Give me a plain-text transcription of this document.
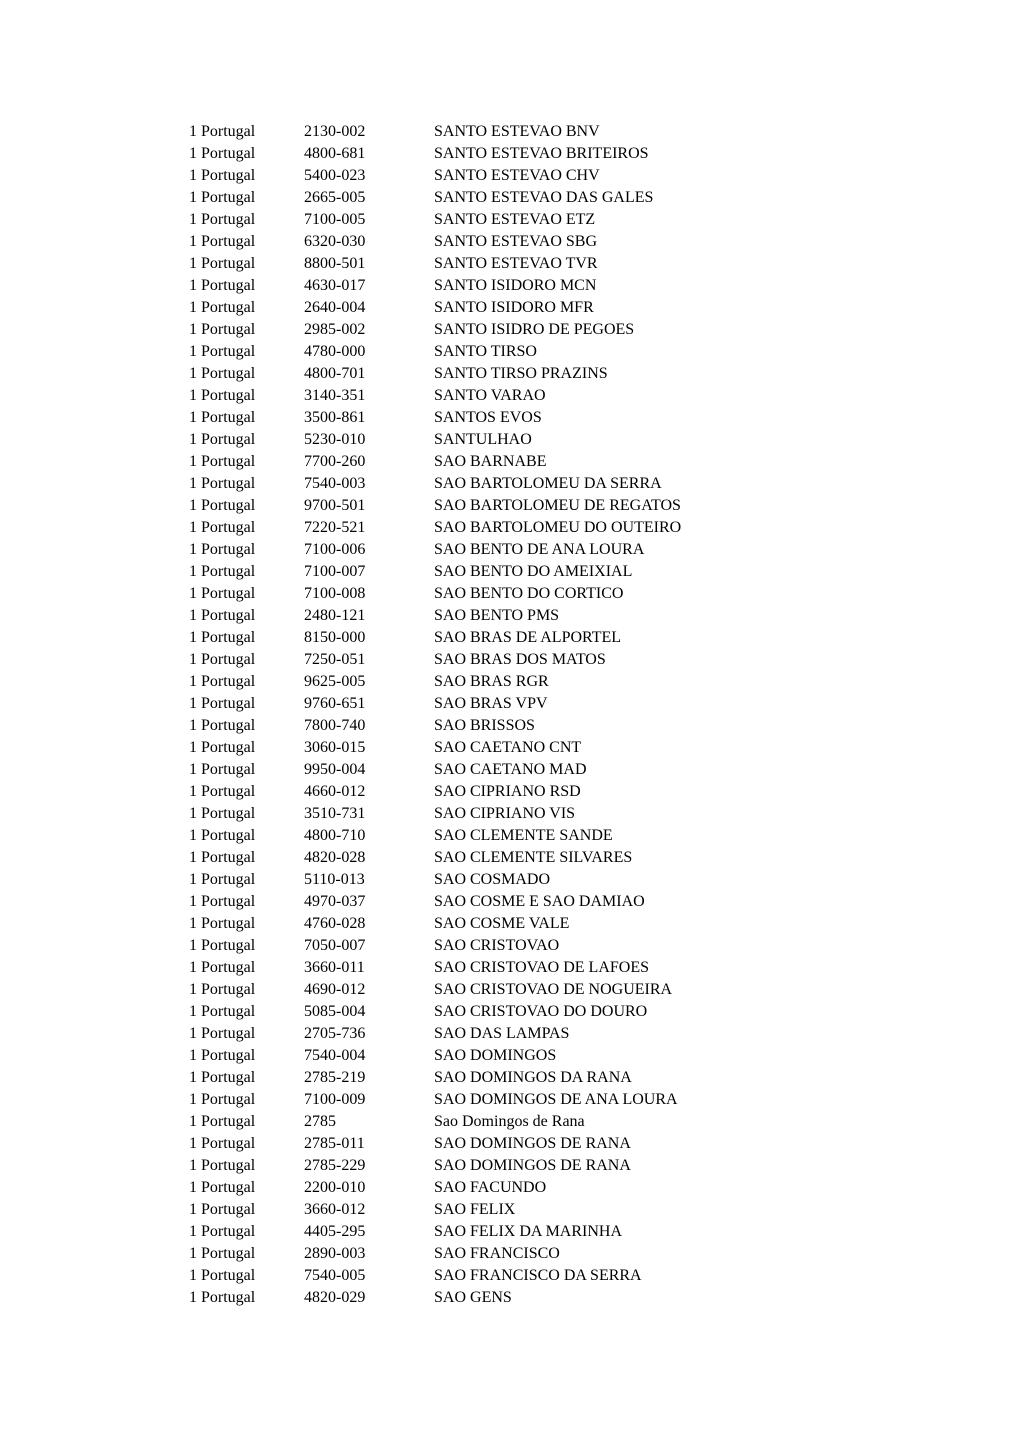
1 Portugal	2130-002	SANTO ESTEVAO BNV
1 Portugal	4800-681	SANTO ESTEVAO BRITEIROS
1 Portugal	5400-023	SANTO ESTEVAO CHV
1 Portugal	2665-005	SANTO ESTEVAO DAS GALES
1 Portugal	7100-005	SANTO ESTEVAO ETZ
1 Portugal	6320-030	SANTO ESTEVAO SBG
1 Portugal	8800-501	SANTO ESTEVAO TVR
1 Portugal	4630-017	SANTO ISIDORO MCN
1 Portugal	2640-004	SANTO ISIDORO MFR
1 Portugal	2985-002	SANTO ISIDRO DE PEGOES
1 Portugal	4780-000	SANTO TIRSO
1 Portugal	4800-701	SANTO TIRSO PRAZINS
1 Portugal	3140-351	SANTO VARAO
1 Portugal	3500-861	SANTOS EVOS
1 Portugal	5230-010	SANTULHAO
1 Portugal	7700-260	SAO BARNABE
1 Portugal	7540-003	SAO BARTOLOMEU DA SERRA
1 Portugal	9700-501	SAO BARTOLOMEU DE REGATOS
1 Portugal	7220-521	SAO BARTOLOMEU DO OUTEIRO
1 Portugal	7100-006	SAO BENTO DE ANA LOURA
1 Portugal	7100-007	SAO BENTO DO AMEIXIAL
1 Portugal	7100-008	SAO BENTO DO CORTICO
1 Portugal	2480-121	SAO BENTO PMS
1 Portugal	8150-000	SAO BRAS DE ALPORTEL
1 Portugal	7250-051	SAO BRAS DOS MATOS
1 Portugal	9625-005	SAO BRAS RGR
1 Portugal	9760-651	SAO BRAS VPV
1 Portugal	7800-740	SAO BRISSOS
1 Portugal	3060-015	SAO CAETANO CNT
1 Portugal	9950-004	SAO CAETANO MAD
1 Portugal	4660-012	SAO CIPRIANO RSD
1 Portugal	3510-731	SAO CIPRIANO VIS
1 Portugal	4800-710	SAO CLEMENTE SANDE
1 Portugal	4820-028	SAO CLEMENTE SILVARES
1 Portugal	5110-013	SAO COSMADO
1 Portugal	4970-037	SAO COSME E SAO DAMIAO
1 Portugal	4760-028	SAO COSME VALE
1 Portugal	7050-007	SAO CRISTOVAO
1 Portugal	3660-011	SAO CRISTOVAO DE LAFOES
1 Portugal	4690-012	SAO CRISTOVAO DE NOGUEIRA
1 Portugal	5085-004	SAO CRISTOVAO DO DOURO
1 Portugal	2705-736	SAO DAS LAMPAS
1 Portugal	7540-004	SAO DOMINGOS
1 Portugal	2785-219	SAO DOMINGOS DA RANA
1 Portugal	7100-009	SAO DOMINGOS DE ANA LOURA
1 Portugal	2785	Sao Domingos de Rana
1 Portugal	2785-011	SAO DOMINGOS DE RANA
1 Portugal	2785-229	SAO DOMINGOS DE RANA
1 Portugal	2200-010	SAO FACUNDO
1 Portugal	3660-012	SAO FELIX
1 Portugal	4405-295	SAO FELIX DA MARINHA
1 Portugal	2890-003	SAO FRANCISCO
1 Portugal	7540-005	SAO FRANCISCO DA SERRA
1 Portugal	4820-029	SAO GENS
